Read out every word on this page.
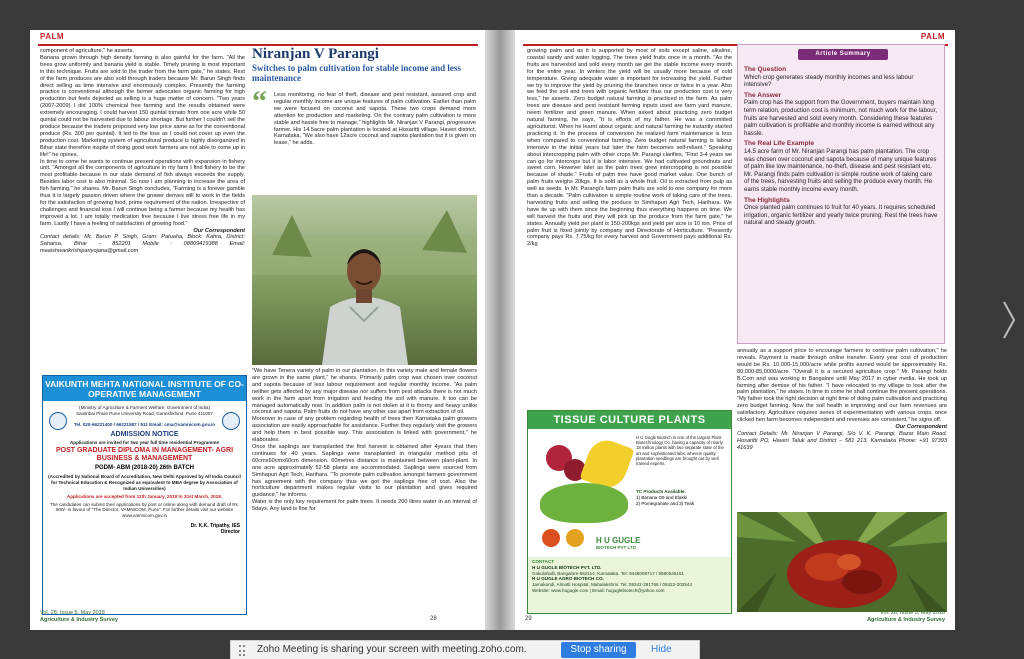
PALM

component of agriculture," he asserts.

Banana grown through high density farming is also gainful for the farm. "All the trees grow uniformly and banana yield is stable. Timely pruning is most important in this technique. Fruits are sold to the trader from the farm gate," he states. Rest of the farm produces are also sold through traders because Mr. Barun Singh finds direct selling as time intensive and enormously complex. Presently the farming practice is conventional although the farmer advocates organic farming for high production but feels dejected as selling is a huge matter of concern. "Two years (2007-2009) I did 100% chemical free farming and the results obtained were extremely encouraging. I could harvest 150 quintal tomato from one acre while 50 quintal could not be harvested due to labour shortage. But further I couldn't sell the produce because the traders proposed very low price same as for the conventional produce (Rs. 300 per quintal). It led to the loss as I could not cover up even the production cost. Marketing system of agricultural produce is highly disorganized in Bihar state therefore inspite of doing good work farmers are not able to come up in life!" he opines.

In time to come he wants to continue present operations with expansion in fishery unit. "Amongst all the components of agriculture in my farm I find fishery to be the most profitable because in our state demand of fish always exceeds the supply. Besides labor cost is also minimal. So now I am planning to increase the area of fish farming," he shares. Mr. Barun Singh concludes, "Farming is a forever gamble thus it is largely passion driven where the grower derives will to work in the fields for the satisfaction of growing food, prime requirement of the nation. Irrespective of challenges and financial loss I will continue being a farmer because my health has improved a lot. I am totally medication free because I live stress free life in my farm. Lastly I have a feeling of satisfaction of growing food."

Our Correspondent

Contact details: Mr. Barun P. Singh, Gram: Patuaha, Block: Kahra, District: Saharsa, Bihar - 852201 Mobile : 08809419388 Email: maaishwarikrishipariyojana@gmail.com

VAIKUNTH MEHTA NATIONAL INSTITUTE OF CO-OPERATIVE MANAGEMENT
(Ministry of Agriculture & Farmers Welfare, Government of India) Savitribai Phule Pune University Road, Ganeshkhind, Pune 411007
Tel. 020-66221400 / 66221587 / 511 Email: cma@vamnicom.gov.in
ADMISSION NOTICE
Applications are invited for two year full time residential Programme
POST GRADUATE DIPLOMA IN MANAGEMENT- AGRI BUSINESS & MANAGEMENT
PGDM- ABM (2018-20) 26th BATCH
(Accredited by National Board of Accreditation, New Delhi Approved by All India Council for Technical Education & Recognized as equivalent to MBA degree by Association of Indian Universities)
Applications are accepted from 11th January, 2018 to 31st March, 2018.
The candidates can submit their applications by post or online along with demand draft of Rs. 500/- in favour of "The Director, VAMNICOM, Pune". For further details visit our website www.vamnicom.gov.in
Dr. K.K. Tripathy, IES
Director
Niranjan V Parangi
Switches to palm cultivation for stable income and less maintenance
“ Less monitoring, no fear of theft, disease and pest resistant, assured crop and regular monthly income are unique features of palm cultivation. Earlier than palm we were focused on coconut and sapota. These two crops demand more attention for production and marketing. On the contrary palm cultivation is more stable and hassle free to manage," highlights Mr. Niranjan V Parangi, progressive farmer. His 14.5acre palm plantation is located at Hosaritti village, Haveri district, Karnataka. "We also have 12acre coconut and sapota plantation but it is given on lease," he adds.

"We have Tenera variety of palm in our plantation. In this variety male and female flowers are grown in the same plant," he shares. Primarily palm crop was chosen over coconut and sapota because of less labour requirement and regular monthly income. "As palm neither gets affected by any major disease nor suffers from pest attacks there is not much work in the farm apart from irrigation and feeding the soil with manure. It too can be managed automatically now. In addition palm is not stolen at it is thorny and heavy unlike coconut and sapota. Palm fruits do not have any other use apart from extraction of oil.

Moreover in case of any problem regarding health of trees then Karnataka palm growers association are easily approachable for assistance. Further they regularly visit the growers and help them in best possible way. This association is linked with government," he elaborates.

Once the saplings are transplanted the first harvest is obtained after 4years that then continues for 40 years. Saplings were transplanted in triangular method pits of 60cmx60cmx60cm dimension. 60metres distance is maintained between plant-plant. In one acre approximately 52-58 plants are accommodated. Saplings were sourced from Simhapuri Agri Tech, Harihara. "To promote palm cultivation amongst farmers government has agreement with the company thus we got the saplings free of cost. Also the horticulture department makes regular visits to our plantation and gives required guidance," he informs.

Water is the only key requirement for palm trees. It needs 200 litres water in an interval of 5days. Any land is fine for

Vol. 28, Issue 5, May 2018
Agriculture & Industry Survey	28
PALM

growing palm and as it is supported by most of soils except saline, alkaline, coastal sandy and water logging. The trees yield fruits once in a month. "As the fruits are harvested and sold every month we get the stable income every month for the entire year. In winters the yield will be usually more because of cold temperature. Giving adequate water is important for increasing the yield. Further we try to improve the yield by pruning the branches once or twice in a year. Also we feed the soil and trees with organic fertilizer thus our production cost is very less," he asserts. Zero budget natural farming is practiced in the farm. As palm trees are disease and pest resistant farming inputs used are farm yard manure, neem fertilizer and green manure. When asked about practicing zero budget natural farming, he says, "It is efforts of my father. He was a committed agriculturist. When he learnt about organic and natural farming he instantly started practicing it. In the process of conversion he realized farm maintenance is less when compared to conventional farming. Zero budget natural farming is labour intensive in the initial years but later the farm becomes self-reliant." Speaking about intercropping palm with other crops Mr. Parangi clarifies, "First 3-4 years we can go for intercrops but it is labor intensive. We had cultivated groundnuts and sweet corn. However later as the palm trees grew intercropping is not possible because of shade." Fruits of palm tree have good market value. One bunch of palm fruits weighs 20kgs. It is sold as a whole fruit. Oil is extracted from pulp as well as seeds. In Mr. Parangi's farm palm fruits are sold to one company for more than a decade. "Palm cultivation is simple routine work of taking care of the trees, harvesting fruits and selling the produce to Simhapuri Agri Tech, Harihara. We have tie up with them since the beginning thus everything happens on time. We will harvest the fruits and they will pick up the produce from the farm gate," he states. Annually yield per plant is 150-200kgs and yield per acre is 10 ton. Price of palm fruit is fixed jointly by company and Directorate of Horticulture. "Presently company pays Rs. 7.75/kg for every harvest and Government pays additional Rs. 2/kg

TISSUE CULTURE PLANTS
H U Gugle Biotech is one of the largest Plant Biotechnology Co. having a capacity of nearly 18 million plants with two separate state of the art and sophisticated labs, wherein quality plantation seedlings are brought out by well trained experts.
TC Products Available:
1) Banana G9 and Elakki
2) Pomegranate and 3) Teak
H U GUGLE
BIOTECH PVT LTD
CONTACT
H U GUGLE BIOTECH PVT. LTD.
Gokulahalli, Bangalore-562114, Karnataka. Tel: 9448008717 / 9980545151
H U GUGLE AGRO BIOTECH CO.
Jamakandi, Almatti Hospital, Mahalakshmi. Tel: 08342-291766 / 08422-203544
Website: www.hugugle.com | Email: huguglebiotech@yahoo.com
Article Summary
The Question
Which crop generates steady monthly incomes and less labour intensive?
The Answer
Palm crop has the support from the Government, buyers maintain long term relation, production cost is minimum, not much work for the labour, fruits are harvested and sold every month. Considering these features palm cultivation is profitable and monthly income is earned without any hassle.
The Real Life Example
14.5 acre farm of Mr. Niranjan Parangi has palm plantation. The crop was chosen over coconut and sapota because of many unique features of palm like low maintenance, no-theft, disease and pest resistant etc. Mr. Parangi finds palm cultivation is simple routine work of taking care of the trees, harvesting fruits and selling the produce every month. He earns stable monthly income every month.
The Highlights
Once planted palm continues to fruit for 40 years. It requires scheduled irrigation, organic fertilizer and yearly twice pruning. Rest the trees have natural and steady growth.

annually as a support price to encourage farmers to continue palm cultivation," he reveals. Payment is made through online transfer. Every year cost of production would be Rs. 10,000-15,000/acre while profits earned would be approximately Rs. 80,000-85,0000/acre. "Overall it is a secured agriculture crop." Mr. Parangi holds B.Com and was working in Bangalore until May 2017 in cyber media. He took up farming after demise of his father. "I have relocated to my village to look after the palm plantation," he states. In time to come he shall continue the present operations. "My father took the right decision at right time of doing palm cultivation and practicing zero budget farming. Now the soil health is improving and our farm revenues are satisfactory. Agriculture requires series of experimentation with various crops, once clicked hen farm becomes independent and revenues are consistent," he signs off.

Our Correspondent

Contact Details: Mr. Niranjan V Parangi, S/o V. K. Parangi, Bazar Main Road, Hosaritti PO, Haveri Taluk and District – 581 213, Karnataka Phone: +91 97393 41639

Vol. 28, Issue 5, May 2018
Agriculture & Industry Survey
29
Zoho Meeting is sharing your screen with meeting.zoho.com.	Stop sharing	Hide
